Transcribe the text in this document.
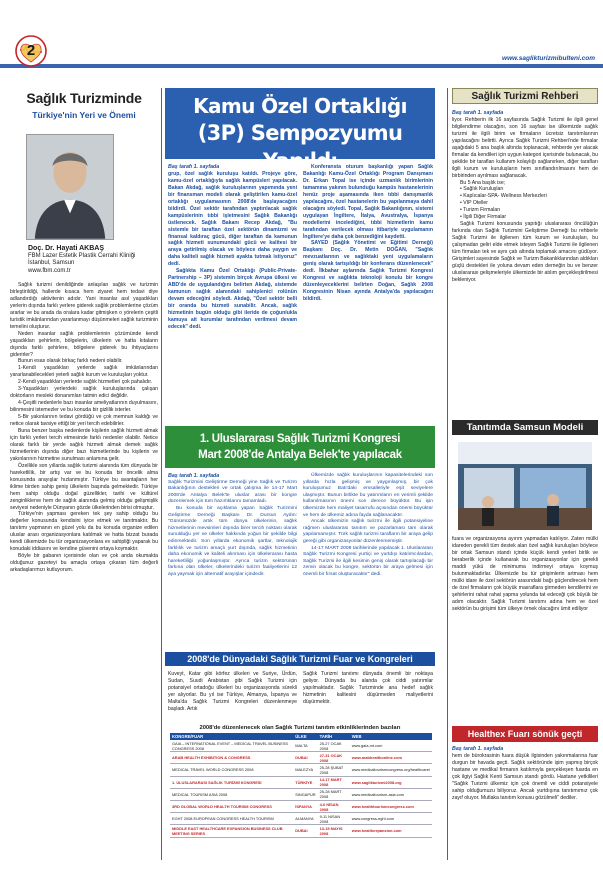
2	www.saglikturizmibulteni.com
Sağlık Turizminde
Türkiye'nin Yeri ve Önemi
Doç. Dr. Hayati AKBAŞ
FBM Lazer Estetik Plastik Cerrahi Kliniği
İstanbul, Samsun
www.fbm.com.tr

Sağlık turizmi denildiğinde anlaşılan sağlık ve turizmin birleştirildiği, hallerde kısaca hem ziyaret hem tedavi diye adlandırdığı aktivitenin adıdır. Yani insanlar asıl yaşadıkları yerlerin dışında farklı yerlere giderek sağlık problemlerine çözüm ararlar ve bu arada da oralara kadar gitmişken o yörelerin çeşitli turistik imkânlarından yararlanmayı düşünmeleri sağlık turizminin temelini oluşturur.

Neden insanlar sağlık problemlerinin çözümünde kendi yaşadıkları şehirlerin, bölgelerin, ülkelerin ve hatta kıtaların dışında farklı şehirlere, bölgelere giderek bu ihtiyaçlarını giderirler?

Bunun esas olarak birkaç farklı nedeni olabilir.

1-Kendi yaşadıkları yerlerde sağlık imkânlarından yararlanabilecekleri yeterli sağlık kurum ve kuruluşları yoktur.

2-Kendi yaşadıkları yerlerde sağlık hizmetleri çok pahalıdır.

3-Yaşadıkları yerlerdeki sağlık kuruluşlarında çalışan doktorların mesleki donanımları tatmin edici değildir.

4-Çeşitli nedenlerle bazı insanlar ameliyatlarının duyulmasını, bilinmesini istemezler ve bu konuda bir gizlilik isterler.

5-Bir yakınlarının tedavi gördüğü ve çok memnun kaldığı ve netice olarak tavsiye ettiği bir yeri tercih edebilirler.

Buna benzer başka nedenlerde kişilerin sağlık hizmeti almak için farklı yerleri tercih etmesinde farklı nedenler olabilir. Netice olarak farklı bir yerde sağlık hizmeti almak demek sağlık hizmetlerinin dışında diğer bazı hizmetlerinde bu kişilerin ve yakınlarının hizmetine sunulması anlamına gelir.

Özellikle son yıllarda sağlık turizmi alanında tüm dünyada bir hareketlilik, bir artış var ve bu konuda bir öncelik alma konusunda arayışlar hızlanmıştır. Türkiye bu avantajların her iklime birden sahip geniş ülkelerin başında gelmektedir. Türkiye hem sahip olduğu doğal güzellikler, tarihi ve kültürel zenginliklerve hem de sağlık alanında gelmiş olduğu gelişmişlik seviyesi nedeniyle Dünyanın gözde ülkelerinden birisi olmuştur.

Türkiye'nin yapması gereken tek şey sahip olduğu bu değerler konusunda kendisini iyice etmek ve tanıtmaktır. Bu tanıtımı yapmanın en güzel yolu da bu konuda organize edilen uluslar arası organizasyonlara katılmak ve hatta bizzat burada kendi ülkemizde bu tür organizasyonlara ev sahipliği yaparak bu konudaki iddiasını ve kendine güvenini ortaya koymaktır.

Böyle bir gabanın içerisinde olan ve çok anda okumakta olduğunuz gazeteyi bu amaçla ortaya çıkaran tüm değerli arkadaşlarımızı kutluyorum.

Kamu Özel Ortaklığı
(3P) Sempozyumu Yapıldı

Baş tarafı 1. sayfada

grup, özel sağlık kuruluşu katıldı. Projeye göre, kamu-özel ortaklığıyla sağlık kampüsleri yapılacak. Bakan Akdağ, sağlık kuruluşlarının yapımında yeni bir finansman modeli olarak geliştirilen kamu-özel ortaklığı uygulamasının 2008'de başlayacağını bildirdi. Özel sektör tarafından yaptırılacak sağlık kampüslerinin tıbbi işletmesini Sağlık Bakanlığı üstlenecek. Sağlık Bakanı Recep Akdağ, "Bu sistemle bir taraftan özel sektörün dinamizmi ve finansal kaldıraç gücü, diğer taraftan da kamunun sağlık hizmeti sunumundaki gücü ve kalitesi bir araya getirilmiş olacak ve böylece daha yaygın ve daha kaliteli sağlık hizmeti ayakta tutmak istiyoruz" dedi.

Sağlıkta Kamu Özel Ortaklığı (Public-Private-Partnership – 3P) sistemin birçok Avrupa ülkesi ve ABD'de de uygulandığını belirten Akdağ, sistemde kamunun sağlık alanındaki sahiplenici rolünün devam edeceğini söyledi. Akdağ, "Özel sektör belli bir oranda bu hizmeti sunabilir. Ancak, sağlık hizmetinin bugün olduğu gibi ileride de çoğunlukla kamuya ait kurumlar tarafından verilmesi devam edecek" dedi.

Konferansta oturum başkanlığı yapan Sağlık Bakanlığı Kamu-Özel Ortaklığı Program Danışmanı Dr. Erkan Topal ise içinde uzmanlık birimlerinin tamamına yakının bulunduğu kampüs hastanelerinin henüz proje aşamasında iken tıbbi danışmanlık yapılacağını, özel hastanelerin bu yapılanmaya dahil olacağını söyledi. Topal, Sağlık Bakanlığının, sistemi uygulayan İngiltere, İtalya, Avustralya, İspanya modellerini incelediğini, tıbbi hizmetlerin kamu tarafından verilecek olması itibariyle uygulamanın İngiltere'ye daha çok benzediğini kaydetti.

SAYED (Sağlık Yönetimi ve Eğitimi Derneği) Başkanı Doç. Dr. Metin DOĞAN, "Sağlık mevzuatlarının ve sağlıktaki yeni uygulamaların geniş olarak tartışıldığı bir konferans düzenlenecek" dedi. İlkbahar aylarında Sağlık Turizmi Kongresi Kongresi ve sağlıkta teknoloji konulu bir kongre düzenleyeceklerini belirten Doğan, Sağlık 2008 Kongresinin Nisan ayında Antalya'da yapılacağını bildirdi.

1. Uluslararası Sağlık Turizmi Kongresi
Mart 2008'de Antalya Belek'te yapılacak

Baş tarafı 1. sayfada

Sağlık Turizmini Geliştirme Derneği yine Sağlık ve Turizm Bakanlığının destekleri ve ortak çalışma ile 14-17 Mart 2008'de Antalya Belek'te uluslar arası bir kongre düzenlemek için tüm hazırlıklarını tamamladı.

Bu konuda bir açıklama yapan Sağlık Turizmini Geliştirme Derneği Başkanı Dr. Dursun Aydın: "Günümüzde artık tüm dünya ülkelerinin, sağlık hizmetlerinin mevsimleri dışında birer tercih noktası olarak sunulduğu yer ve ülkeler hakkında yoğun bir şekilde bilgi edinmektedir. Son yıllarda ekonomik şartlar, teknolojik farklılık ve turizm amaçlı yurt dışında, sağlık hizmetinin daha ekonomik ve kaliteli alınması için ülkelerarası hasta hareketliliği yoğunlaşmıştır. Ayrıca turizm sektörünün farkına olan ülkeler, ülkelerindeki turizm faaliyetlerini 12 aya yaymak için alternatif arayışlar içindedir.

Ülkemizde sağlık kuruluşlarının kapasitelerindeki son yıllarda hızla gelişmiş ve yaygınlaşmış, bir çok kuruluşumuz Batı'daki emsalleriyle eşit seviyelere ulaşmıştır. Bunun birlikte bu yatırımların en verimli şekilde kullanılmasının önemi son derece büyüktür. Bu işin ülkemizde hem maliyet tasarrufu açısından önemi büyüktür ve hem de ülkemiz adına fayda sağlanacaktır.

Ancak ülkemizin sağlık turizmi ile ilgili potansiyeline rağmen uluslararası tanıtım ve pazarlaması tam olarak yapılamamıştır. Türk sağlık turizmi tarafların bir araya gelip gereği gibi organizasyonlar düzenlenmemiştir.

14-17 MART 2008 tarihlerinde yapılacak 1. Uluslararası Sağlık Turizmi Kongresi yurtiçi ve yurtdışı katılımcılardan, Sağlık Turizmi ile ilgili kesimin geniş olarak tartışılacağı bir zemin olacak bu kongre, sektörün bir araya gelmesi için önemli bir fırsat oluşturacaktır" dedi.

2008'de Dünyadaki Sağlık Turizmi Fuar ve Kongreleri

Kuveyt, Katar gibi körfez ülkeleri ve Suriye, Ürdün, Sudan, Suudi Arabistan gibi Sağlık Turizmi için potansiyel ortadoğu ülkeleri bu organizasyonda sürekli yer alıyorlar. Bu yıl ise Türkiye, Almanya, İspanya ve Malta'da Sağlık Turizmi Kongreleri düzenlenmeye başladı. Artık

Sağlık Turizmi tanıtımı dünyada önemli bir noktaya geliyor. Dünyada bu alanda çok ciddi yatırımlar yapılmaktadır. Sağlık Turizminde ana hedef sağlık hizmetinin kalitesini düşürmeden maliyetlerini düşürmektir.

2008'de düzenlenecek olan Sağlık Turizmi tanıtım etkinliklerinden bazıları
KONGRE/FUAR	ÜLKE	TARİH	WEB
GAIA – INTERNATIONAL EVENT – MEDICAL TRAVEL BUSINESS CONGRESS 2008	MALTA	25-27 OCAK 2008	www.gaia-mt.com
ARAB HEALTH EXHIBITION & CONGRESS	DUBAI	27-31 OCAK 2008	www.arabhealthonline.com
MEDICAL TRAVEL WORLD CONGRESS 2008	MALEZYA	25-28 ŞUBAT 2008	www.medicaltourismcongress.org/healthcare/
1. ULUSLARARASI SAĞLIK TURİZMİ KONGRESİ	TÜRKİYE	14-17 MART 2008	www.saglikturizmi2008.org
MEDICAL TOURISM ASIA 2008	SINGAPUR	25-28 MART 2008	www.medicaltourism-asia.com
3RD GLOBAL WORLD HEALTH TOURISM CONGRESS	İSPANYA	4-6 NİSAN 2008	www.healthtourismcongress.com
EGHT 2008 EUROPEAN CONGRESS HEALTH TOURISM	ALMANYA	9-11 NİSAN 2008	www.congress-eght.com
MIDDLE EAST HEALTHCARE EXPANSION BUSINESS CLUB MEETING SERIES	DUBAI	13-15 MAYIS 2008	www.healthexpansion.com
Sağlık Turizmi Rehberi

Baş tarafı 1. sayfada

liyor. Rehberin ilk 16 sayfasında Sağlık Turizmi ile ilgili genel bilgilendirme olacağını, son 16 sayfası ise ülkemizde sağlık turizmi ile ilgili birim ve firmaların ücretsiz tanıtımlarının yapılacağını belirtti. Ayrıca Sağlık Turizmi Rehberi'nde firmalar aşağıdaki 5 ana başlık altında toplanacak, rehberde yer alacak firmalar da kendileri için uygun kategori içerisinde bulunacak, bu şekilde bir tarafları kullanım kolaylığı sağlanırken, diğer tarafları ilgili kurum ve kuruluşların hem sınıflandırılmasını hem de birbirinden ayrılması sağlanacak.

Bu 5 Ana başlık ise;

• Sağlık Kuruluşları

• Kaplıcalar-SPA- Wellness Merkezleri

• VIP Oteller

• Turizm Firmaları

• İlgili Diğer Firmalar

Sağlık Turizmi konusunda yapıtığı uluslararası öncülüğün farkında olan Sağlık Turizmini Geliştirme Derneği bu rehberle Sağlık Turizmi ile ilgilenen tüm kurum ve kuruluşları, bu çalışmadan geliri elde etmek isteyen Sağlık Turizmi ile ilgilenen tüm firmaları tek ve aynı çatı altında toplamak amacını güdüyor. Girişimleri sayesinde Sağlık ve Turizm Bakanlıklarından aldıkları güçlü destekleri ile yoluna devam eden derneğin bu ve benzer uluslararası gelişmeleriyle ülkemizde bir atılım gerçekleştirilmesi bekleniyor.

Tanıtımda Samsun Modeli

fuara ve organizasyona ayırım yapmadan katılıyor. Zaten mülki idareden gerekli tüm destek alan özel sağlık kuruluşları böylece bir ortak Samsun standı içinde küçük kendi yerleri birlik ve beraberlik içinde kullanarak bu organizasyonlar için gerekli maddi yükü de minimuma indirmeyi ortaya koymuş bulunmaktadırlar. Ülkemizde bu tür girişimlerin artması hem mülki idare ile özel sektörün arasındaki bağı güçlendirecek hem de özel firmaların çok büyük masraflara girmeden kendilerini ve şehirlerini rahat rahat yapma yolunda tat edeceği çok büyük bir adım olacaktır. Sağlık Turizmi tanıtımı adına hem ve özel sektörün bu girişimi tüm ülkeye örnek olacağını ümit ediliyor

Healthex Fuarı sönük geçti

Baş tarafı 1. sayfada

hem de bürokrasinin fuara düşük ilgisinden yakınmalarına fuar durgun bir havada geçti. Sağlık sektöründe işim yapmış birçok hastane ve medikal firmanın katılımıyla gerçekleşen fuarda en çok ilgiyi Sağlık Kenti Samsun standı gördü. Hastane yetkilileri "Sağlık Turizmi ülkemiz için çok önemli ve ciddi potansiyele sahip olduğumuzu biliyoruz. Ancak yurtdışına tanıtımımız çok zayıf oluyor. Mutlaka tanıtım konusu gözülmeli" dediler.
